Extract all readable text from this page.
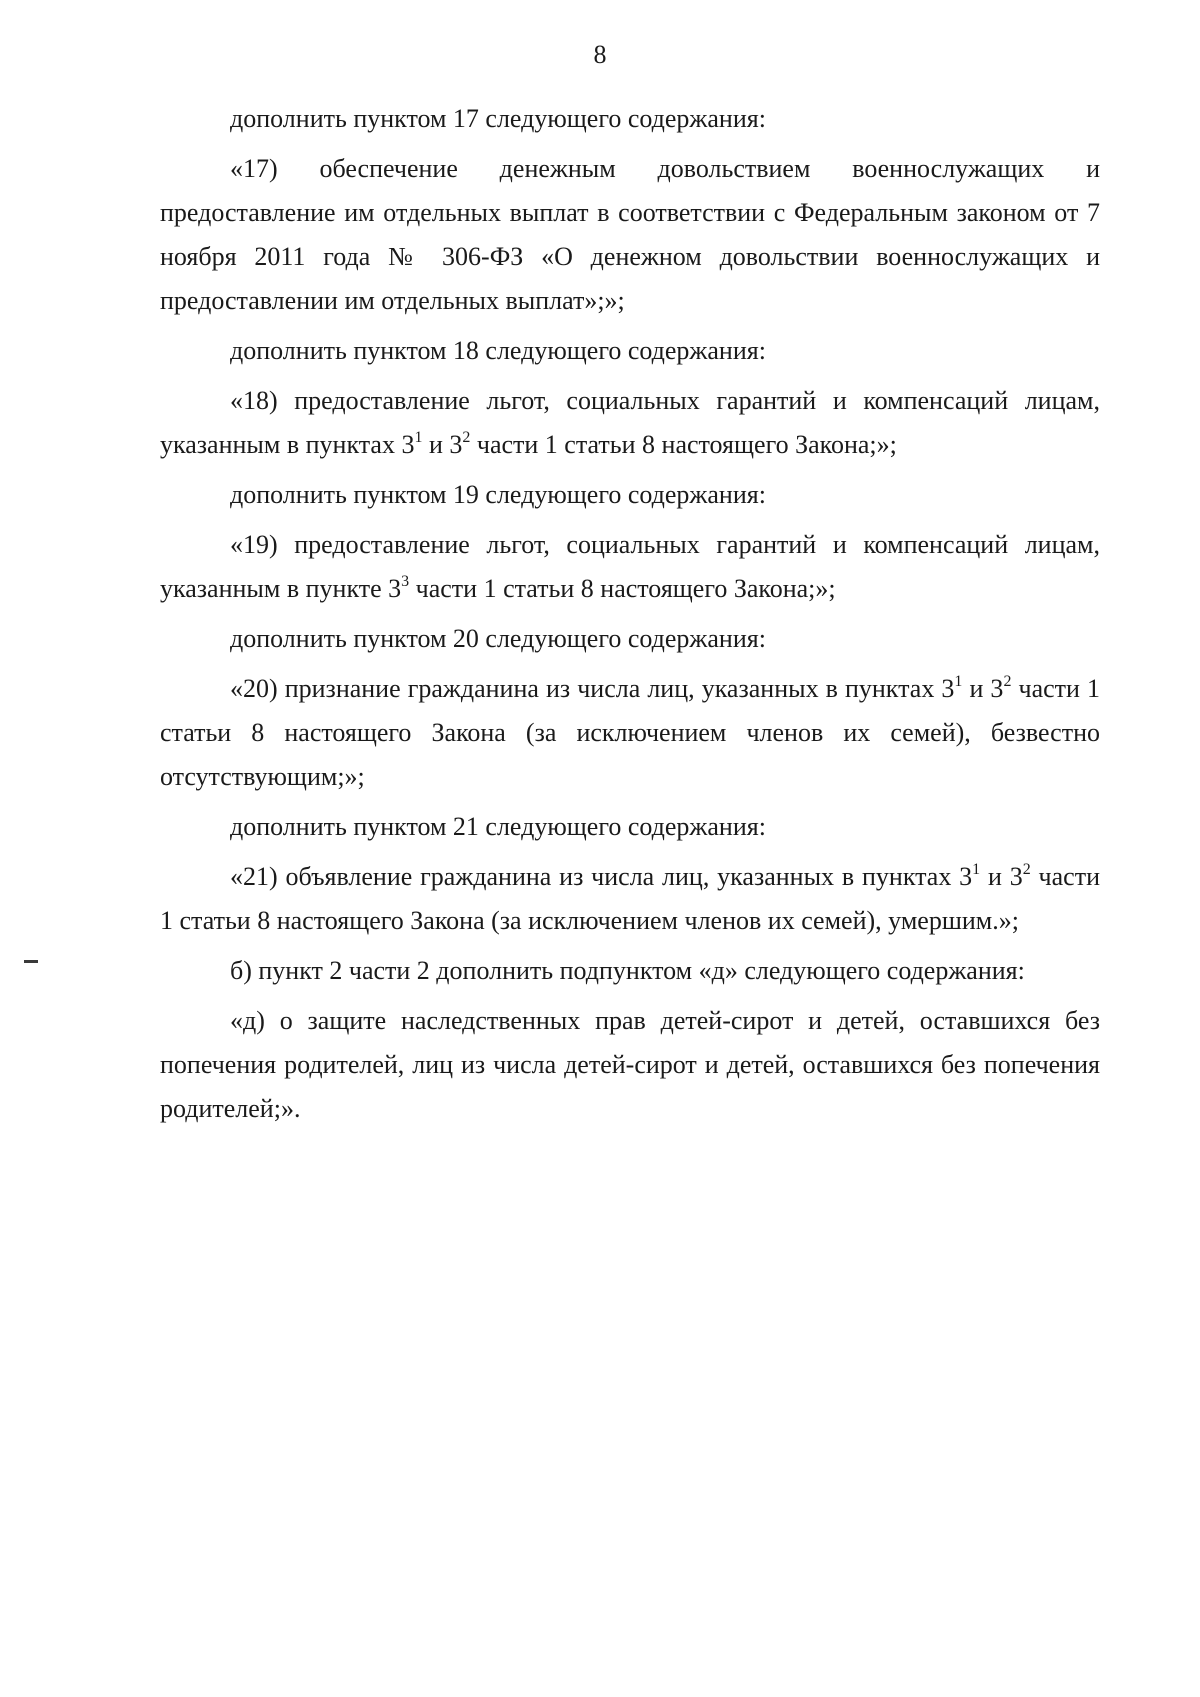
8

дополнить пунктом 17 следующего содержания:

«17) обеспечение денежным довольствием военнослужащих и предоставление им отдельных выплат в соответствии с Федеральным законом от 7 ноября 2011 года № 306-ФЗ «О денежном довольствии военнослужащих и предоставлении им отдельных выплат»;»;

дополнить пунктом 18 следующего содержания:

«18) предоставление льгот, социальных гарантий и компенсаций лицам, указанным в пунктах $3^1$ и $3^2$ части 1 статьи 8 настоящего Закона;»;

дополнить пунктом 19 следующего содержания:

«19) предоставление льгот, социальных гарантий и компенсаций лицам, указанным в пункте $3^3$ части 1 статьи 8 настоящего Закона;»;

дополнить пунктом 20 следующего содержания:

«20) признание гражданина из числа лиц, указанных в пунктах $3^1$ и $3^2$ части 1 статьи 8 настоящего Закона (за исключением членов их семей), безвестно отсутствующим;»;

дополнить пунктом 21 следующего содержания:

«21) объявление гражданина из числа лиц, указанных в пунктах $3^1$ и $3^2$ части 1 статьи 8 настоящего Закона (за исключением членов их семей), умершим.»;

б) пункт 2 части 2 дополнить подпунктом «д» следующего содержания:

«д) о защите наследственных прав детей-сирот и детей, оставшихся без попечения родителей, лиц из числа детей-сирот и детей, оставшихся без попечения родителей;».
